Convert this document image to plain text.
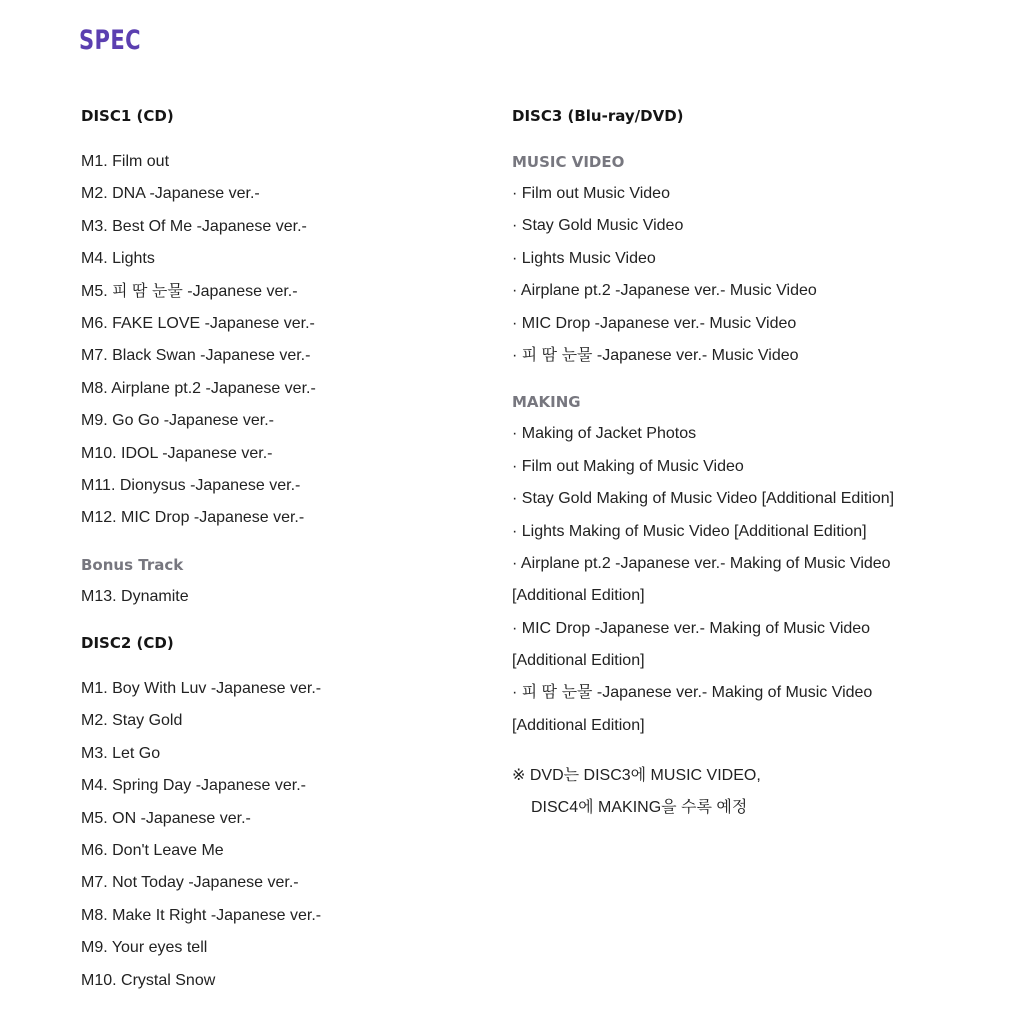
SPEC
DISC1 (CD)
M1. Film out
M2. DNA -Japanese ver.-
M3. Best Of Me -Japanese ver.-
M4. Lights
M5. 피 땀 눈물 -Japanese ver.-
M6. FAKE LOVE -Japanese ver.-
M7. Black Swan -Japanese ver.-
M8. Airplane pt.2 -Japanese ver.-
M9. Go Go -Japanese ver.-
M10. IDOL -Japanese ver.-
M11. Dionysus -Japanese ver.-
M12. MIC Drop -Japanese ver.-
Bonus Track
M13. Dynamite
DISC2 (CD)
M1. Boy With Luv -Japanese ver.-
M2. Stay Gold
M3. Let Go
M4. Spring Day -Japanese ver.-
M5. ON -Japanese ver.-
M6. Don't Leave Me
M7. Not Today -Japanese ver.-
M8. Make It Right -Japanese ver.-
M9. Your eyes tell
M10. Crystal Snow
DISC3 (Blu-ray/DVD)
MUSIC VIDEO
· Film out Music Video
· Stay Gold Music Video
· Lights Music Video
· Airplane pt.2 -Japanese ver.- Music Video
· MIC Drop -Japanese ver.- Music Video
· 피 땀 눈물 -Japanese ver.- Music Video
MAKING
· Making of Jacket Photos
· Film out Making of Music Video
· Stay Gold Making of Music Video [Additional Edition]
· Lights Making of Music Video [Additional Edition]
· Airplane pt.2 -Japanese ver.- Making of Music Video
[Additional Edition]
· MIC Drop -Japanese ver.- Making of Music Video
[Additional Edition]
· 피 땀 눈물 -Japanese ver.- Making of Music Video
[Additional Edition]
※ DVD는 DISC3에 MUSIC VIDEO,
DISC4에 MAKING을 수록 예정
